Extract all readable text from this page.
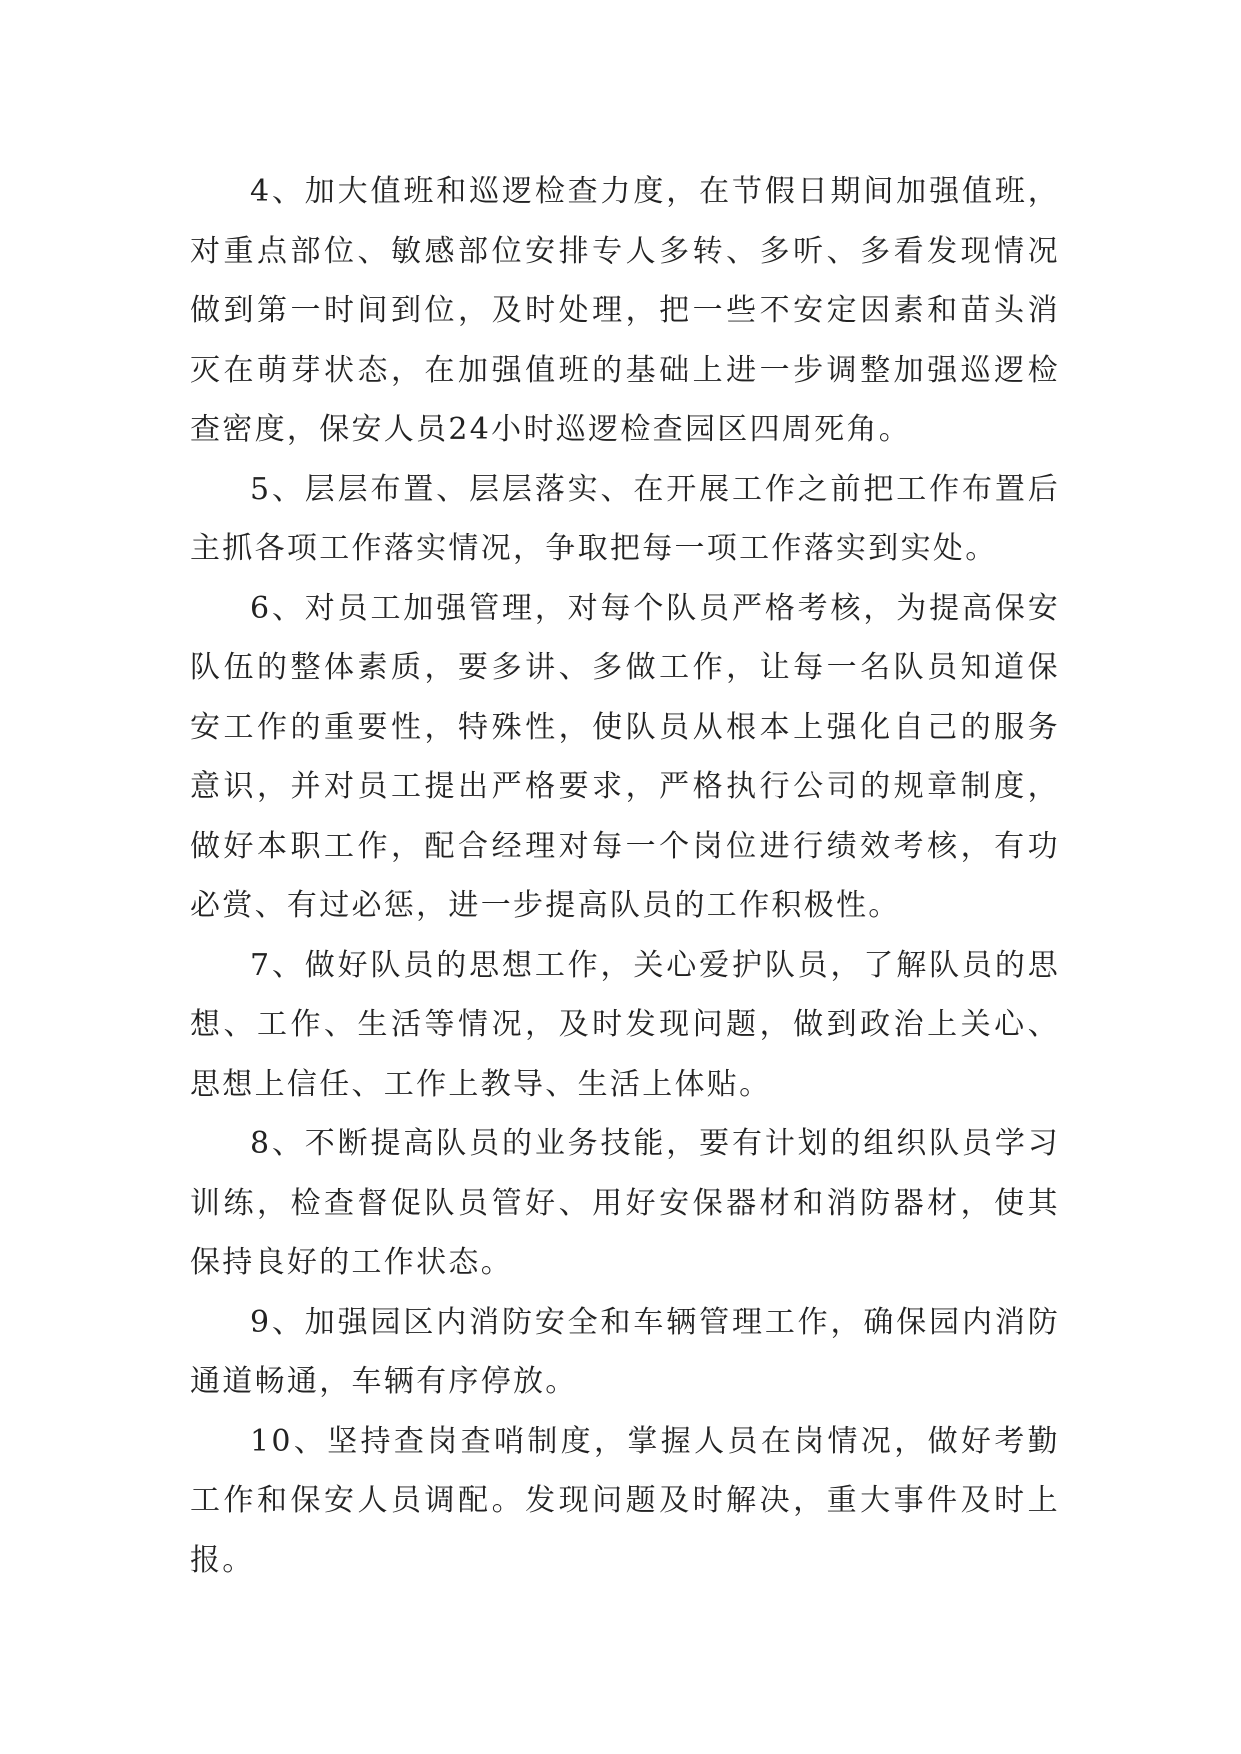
4、加大值班和巡逻检查力度，在节假日期间加强值班，对重点部位、敏感部位安排专人多转、多听、多看发现情况做到第一时间到位，及时处理，把一些不安定因素和苗头消灭在萌芽状态，在加强值班的基础上进一步调整加强巡逻检查密度，保安人员24小时巡逻检查园区四周死角。

5、层层布置、层层落实、在开展工作之前把工作布置后主抓各项工作落实情况，争取把每一项工作落实到实处。

6、对员工加强管理，对每个队员严格考核，为提高保安队伍的整体素质，要多讲、多做工作，让每一名队员知道保安工作的重要性，特殊性，使队员从根本上强化自己的服务意识，并对员工提出严格要求，严格执行公司的规章制度，做好本职工作，配合经理对每一个岗位进行绩效考核，有功必赏、有过必惩，进一步提高队员的工作积极性。

7、做好队员的思想工作，关心爱护队员，了解队员的思想、工作、生活等情况，及时发现问题，做到政治上关心、思想上信任、工作上教导、生活上体贴。

8、不断提高队员的业务技能，要有计划的组织队员学习训练，检查督促队员管好、用好安保器材和消防器材，使其保持良好的工作状态。

9、加强园区内消防安全和车辆管理工作，确保园内消防通道畅通，车辆有序停放。

10、坚持查岗查哨制度，掌握人员在岗情况，做好考勤工作和保安人员调配。发现问题及时解决，重大事件及时上报。
